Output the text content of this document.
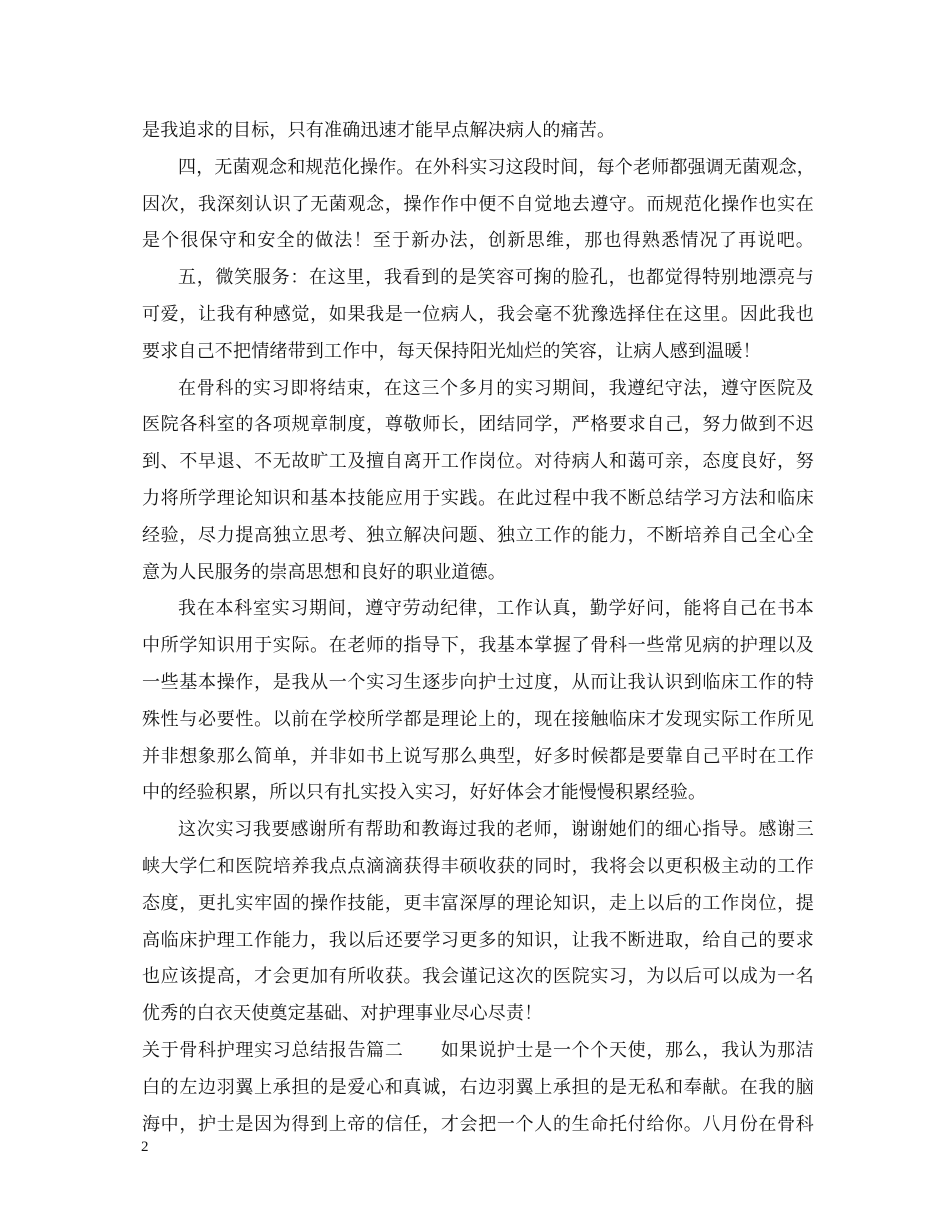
是我追求的目标，只有准确迅速才能早点解决病人的痛苦。
四，无菌观念和规范化操作。在外科实习这段时间，每个老师都强调无菌观念，
因次，我深刻认识了无菌观念，操作作中便不自觉地去遵守。而规范化操作也实在
是个很保守和安全的做法！至于新办法，创新思维，那也得熟悉情况了再说吧。
五，微笑服务：在这里，我看到的是笑容可掬的脸孔，也都觉得特别地漂亮与
可爱，让我有种感觉，如果我是一位病人，我会毫不犹豫选择住在这里。因此我也
要求自己不把情绪带到工作中，每天保持阳光灿烂的笑容，让病人感到温暖！
在骨科的实习即将结束，在这三个多月的实习期间，我遵纪守法，遵守医院及
医院各科室的各项规章制度，尊敬师长，团结同学，严格要求自己，努力做到不迟
到、不早退、不无故旷工及擅自离开工作岗位。对待病人和蔼可亲，态度良好，努
力将所学理论知识和基本技能应用于实践。在此过程中我不断总结学习方法和临床
经验，尽力提高独立思考、独立解决问题、独立工作的能力，不断培养自己全心全
意为人民服务的崇高思想和良好的职业道德。
我在本科室实习期间，遵守劳动纪律，工作认真，勤学好问，能将自己在书本
中所学知识用于实际。在老师的指导下，我基本掌握了骨科一些常见病的护理以及
一些基本操作，是我从一个实习生逐步向护士过度，从而让我认识到临床工作的特
殊性与必要性。以前在学校所学都是理论上的，现在接触临床才发现实际工作所见
并非想象那么简单，并非如书上说写那么典型，好多时候都是要靠自己平时在工作
中的经验积累，所以只有扎实投入实习，好好体会才能慢慢积累经验。
这次实习我要感谢所有帮助和教诲过我的老师，谢谢她们的细心指导。感谢三
峡大学仁和医院培养我点点滴滴获得丰硕收获的同时，我将会以更积极主动的工作
态度，更扎实牢固的操作技能，更丰富深厚的理论知识，走上以后的工作岗位，提
高临床护理工作能力，我以后还要学习更多的知识，让我不断进取，给自己的要求
也应该提高，才会更加有所收获。我会谨记这次的医院实习，为以后可以成为一名
优秀的白衣天使奠定基础、对护理事业尽心尽责！
关于骨科护理实习总结报告篇二　　如果说护士是一个个天使，那么，我认为那洁
白的左边羽翼上承担的是爱心和真诚，右边羽翼上承担的是无私和奉献。在我的脑
海中，护士是因为得到上帝的信任，才会把一个人的生命托付给你。八月份在骨科
2
